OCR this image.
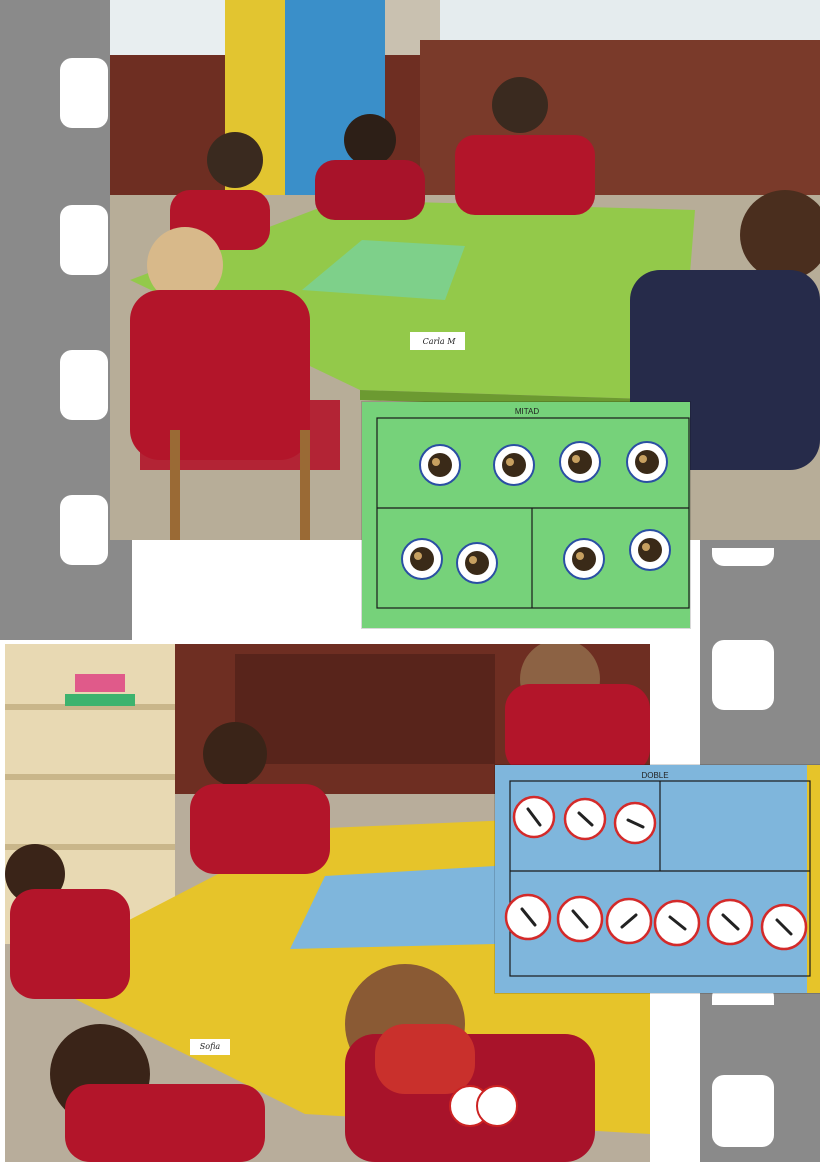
Carla M
MITAD
Sofia
DOBLE
